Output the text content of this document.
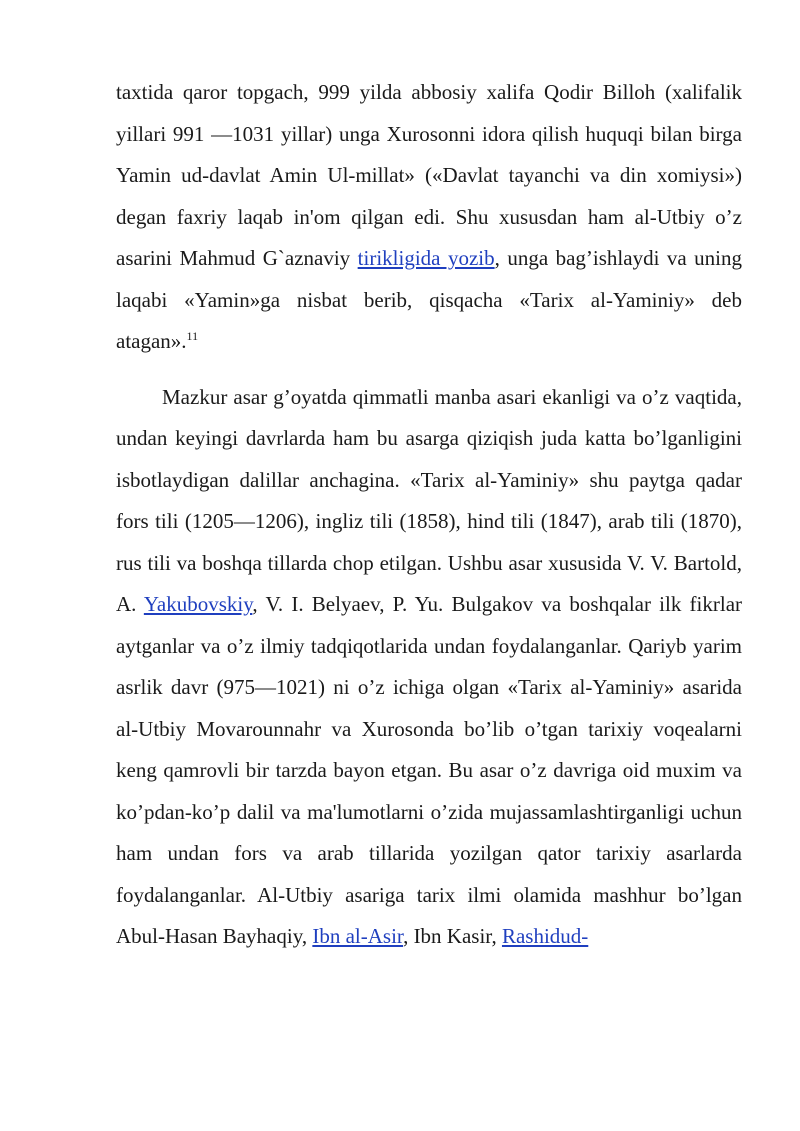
taxtida qaror topgach, 999 yilda abbosiy xalifa Qodir Billoh (xalifalik yillari 991 —1031 yillar) unga Xurosonni idora qilish huquqi bilan birga Yamin ud-davlat Amin Ul-millat» («Davlat tayanchi va din xomiysi») degan faxriy laqab in'om qilgan edi. Shu xususdan ham al-Utbiy o’z asarini Mahmud G`aznaviy tirikligida yozib, unga bag’ishlaydi va uning laqabi «Yamin»ga nisbat berib, qisqacha «Tarix al-Yaminiy» deb atagan».$^{11}$

Mazkur asar g’oyatda qimmatli manba asari ekanligi va o’z vaqtida, undan keyingi davrlarda ham bu asarga qiziqish juda katta bo’lganligini isbotlaydigan dalillar anchagina. «Tarix al-Yaminiy» shu paytga qadar fors tili (1205—1206), ingliz tili (1858), hind tili (1847), arab tili (1870), rus tili va boshqa tillarda chop etilgan. Ushbu asar xususida V. V. Bartold, A. Yakubovskiy, V. I. Belyaev, P. Yu. Bulgakov va boshqalar ilk fikrlar aytganlar va o’z ilmiy tadqiqotlarida undan foydalanganlar. Qariyb yarim asrlik davr (975—1021) ni o’z ichiga olgan «Tarix al-Yaminiy» asarida al-Utbiy Movarounnahr va Xurosonda bo’lib o’tgan tarixiy voqealarni keng qamrovli bir tarzda bayon etgan. Bu asar o’z davriga oid muxim va ko’pdan-ko’p dalil va ma'lumotlarni o’zida mujassamlashtirganligi uchun ham undan fors va arab tillarida yozilgan qator tarixiy asarlarda foydalanganlar. Al-Utbiy asariga tarix ilmi olamida mashhur bo’lgan Abul-Hasan Bayhaqiy, Ibn al-Asir, Ibn Kasir, Rashidud-
